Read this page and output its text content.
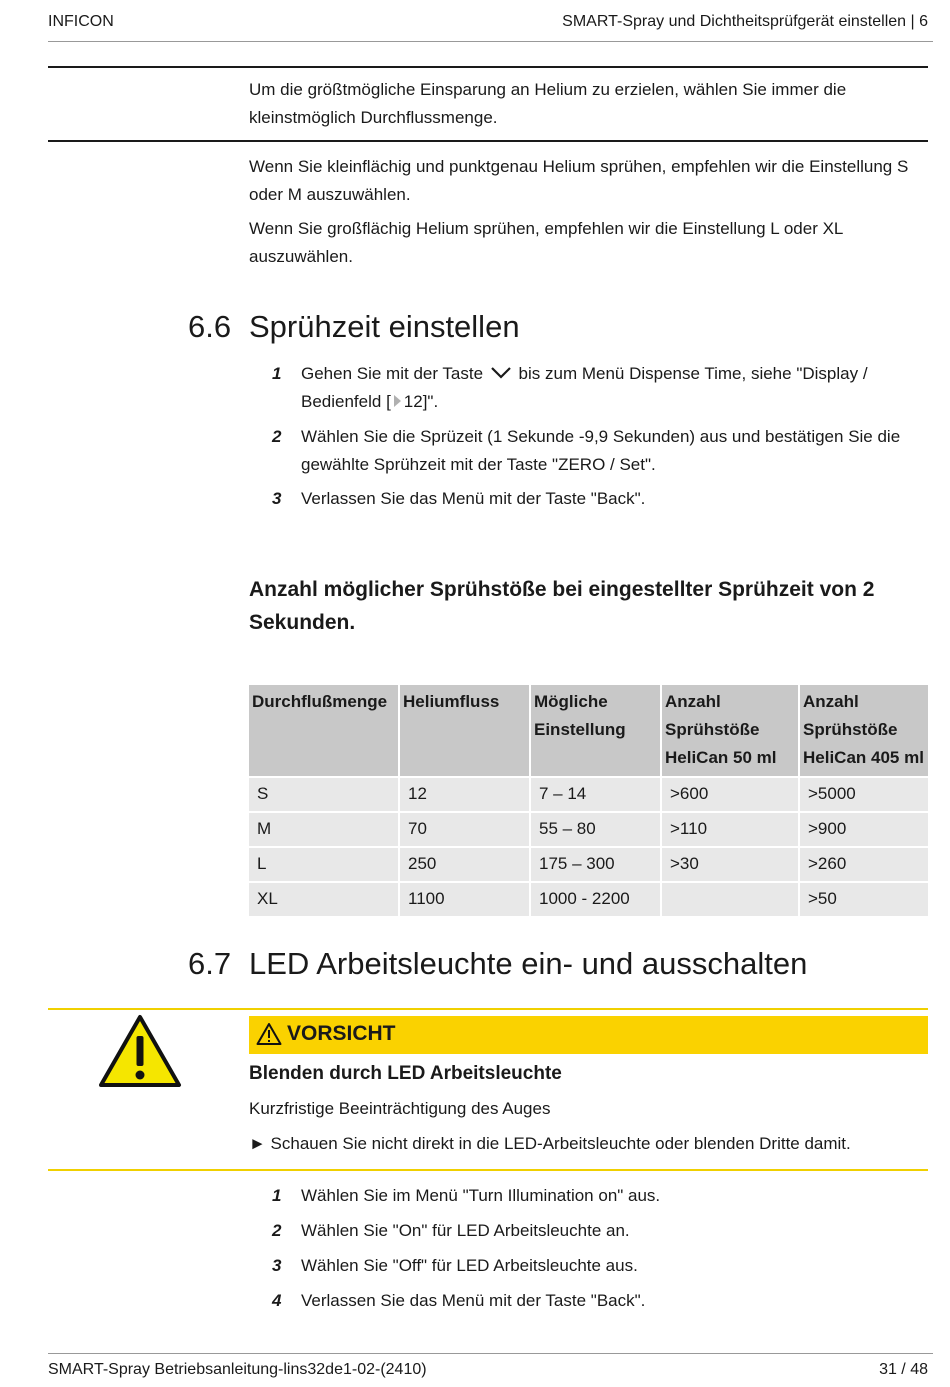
INFICON	SMART-Spray und Dichtheitsprüfgerät einstellen | 6

Um die größtmögliche Einsparung an Helium zu erzielen, wählen Sie immer die kleinstmöglich Durchflussmenge.

Wenn Sie kleinflächig und punktgenau Helium sprühen, empfehlen wir die Einstellung S oder M auszuwählen.

Wenn Sie großflächig Helium sprühen, empfehlen wir die Einstellung L oder XL auszuwählen.

6.6 Sprühzeit einstellen
1 Gehen Sie mit der Taste bis zum Menü Dispense Time, siehe "Display / Bedienfeld [ 12]".
2 Wählen Sie die Sprüzeit (1 Sekunde -9,9 Sekunden) aus und bestätigen Sie die gewählte Sprühzeit mit der Taste "ZERO / Set".
3 Verlassen Sie das Menü mit der Taste "Back".

Anzahl möglicher Sprühstöße bei eingestellter Sprühzeit von 2 Sekunden.

Durchflußmenge	Heliumfluss	Mögliche Einstellung	Anzahl Sprühstöße HeliCan 50 ml	Anzahl Sprühstöße HeliCan 405 ml
S	12	7 – 14	>600	>5000
M	70	55 – 80	>110	>900
L	250	175 – 300	>30	>260
XL	1100	1000 - 2200		>50
6.7 LED Arbeitsleuchte ein- und ausschalten
VORSICHT
Blenden durch LED Arbeitsleuchte
Kurzfristige Beeinträchtigung des Auges
► Schauen Sie nicht direkt in die LED-Arbeitsleuchte oder blenden Dritte damit.
1 Wählen Sie im Menü "Turn Illumination on" aus.
2 Wählen Sie "On" für LED Arbeitsleuchte an.
3 Wählen Sie "Off" für LED Arbeitsleuchte aus.
4 Verlassen Sie das Menü mit der Taste "Back".
SMART-Spray Betriebsanleitung-lins32de1-02-(2410)	31 / 48
